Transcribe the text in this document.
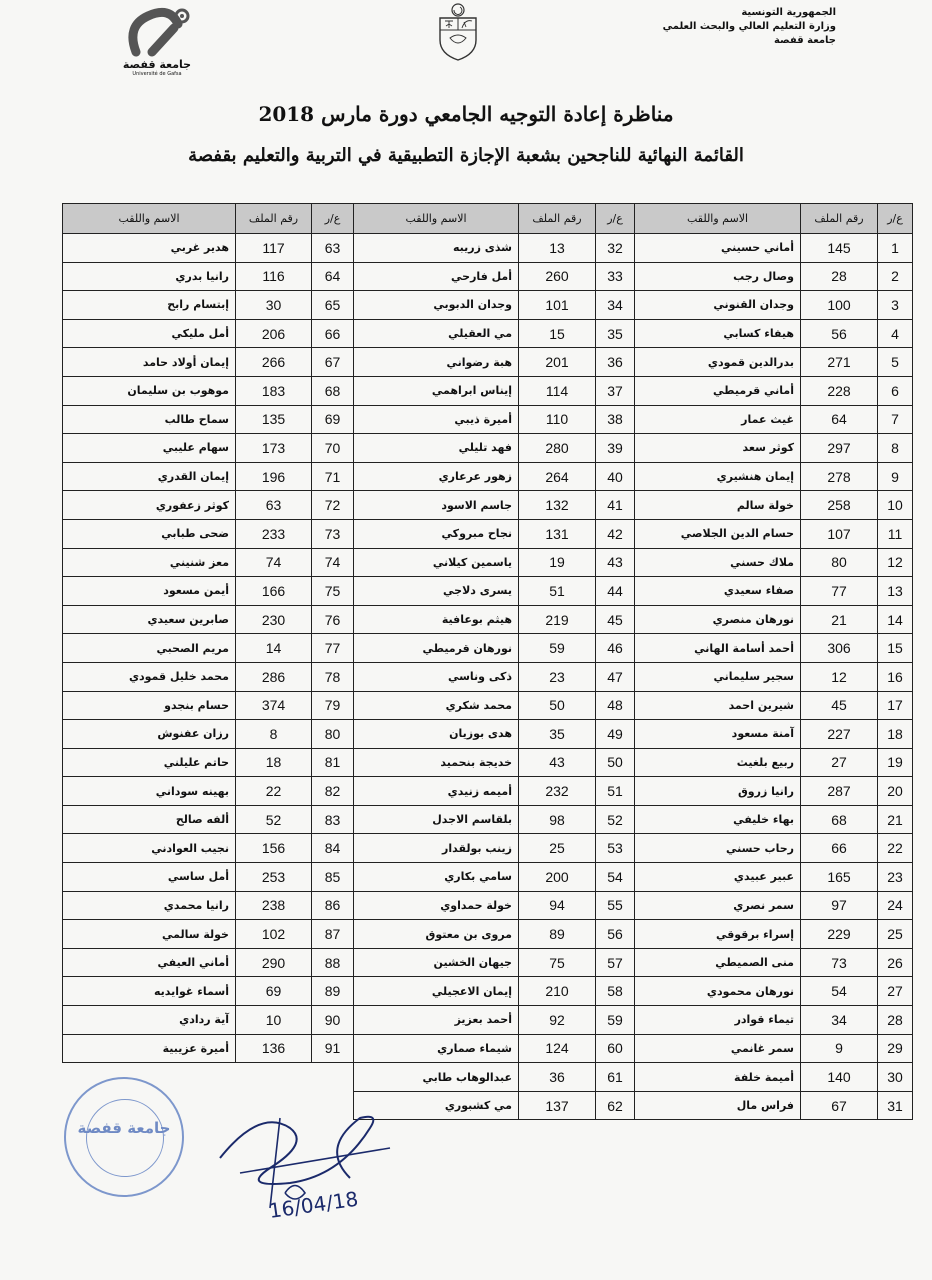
الجمهورية التونسية
وزارة التعليم العالي والبحث العلمي
جامعة قفصة
جامعة قفصة
Université de Gafsa
مناظرة إعادة التوجيه الجامعي دورة مارس 2018
القائمة النهائية للناجحين بشعبة الإجازة التطبيقية في التربية والتعليم بقفصة
ع/ر	رقم الملف	الاسم واللقب	ع/ر	رقم الملف	الاسم واللقب	ع/ر	رقم الملف	الاسم واللقب
1	145	أماني حسيني	32	13	شذى زريبه	63	117	هدير غربي
2	28	وصال رجب	33	260	أمل فارحي	64	116	رانيا بدري
3	100	وجدان القنوني	34	101	وجدان الدبوبي	65	30	إبتسام رابح
4	56	هيفاء كسابي	35	15	مي العقيلي	66	206	أمل مليكي
5	271	بدرالدين قمودي	36	201	هبة رضواني	67	266	إيمان أولاد حامد
6	228	أماني قرميطي	37	114	إيناس ابراهمي	68	183	موهوب بن سليمان
7	64	غيث عمار	38	110	أميرة ذيبي	69	135	سماح طالب
8	297	كوثر سعد	39	280	فهد تليلي	70	173	سهام عليبي
9	278	إيمان هنشيري	40	264	زهور عرعاري	71	196	إيمان القدري
10	258	خولة سالم	41	132	جاسم الاسود	72	63	كوثر زعفوري
11	107	حسام الدين الجلاصي	42	131	نجاح مبروكي	73	233	ضحى طبابي
12	80	ملاك حسني	43	19	ياسمين كيلاني	74	74	معز شنيني
13	77	صفاء سعيدي	44	51	يسرى دلاجي	75	166	أيمن مسعود
14	21	نورهان منصري	45	219	هيثم بوعافية	76	230	صابرين سعيدي
15	306	أحمد أسامة الهاني	46	59	نورهان قرميطي	77	14	مريم الصحبي
16	12	سجير سليماني	47	23	ذكى وناسي	78	286	محمد خليل قمودي
17	45	شيرين احمد	48	50	محمد شكري	79	374	حسام بنجدو
18	227	آمنة مسعود	49	35	هدى بوزيان	80	8	رزان عفنوش
19	27	ربيع بلغيث	50	43	خديجة بنحميد	81	18	حاتم عليلني
20	287	رانيا زروق	51	232	أميمه زنيدي	82	22	بهينه سوداني
21	68	بهاء خليفي	52	98	بلقاسم الاجدل	83	52	ألفه صالح
22	66	رحاب حسني	53	25	زينب بولقدار	84	156	نجيب العوادني
23	165	عبير عبيدي	54	200	سامي بكاري	85	253	أمل ساسي
24	97	سمر نصري	55	94	خولة حمداوي	86	238	رانيا محمدي
25	229	إسراء برقوقي	56	89	مروى بن معتوق	87	102	خولة سالمي
26	73	منى الصميطي	57	75	جيهان الخشين	88	290	أماني العيفي
27	54	نورهان محمودي	58	210	إيمان الاعجيلي	89	69	أسماء غوايديه
28	34	تيماء قوادر	59	92	أحمد بعزيز	90	10	آية ردادي
29	9	سمر غانمي	60	124	شيماء صماري	91	136	أميرة عزيبية
30	140	أميمة خلفة	61	36	عبدالوهاب طابي			
31	67	فراس مال	62	137	مي كشبوري			
جامعة قفصة
16/04/18
